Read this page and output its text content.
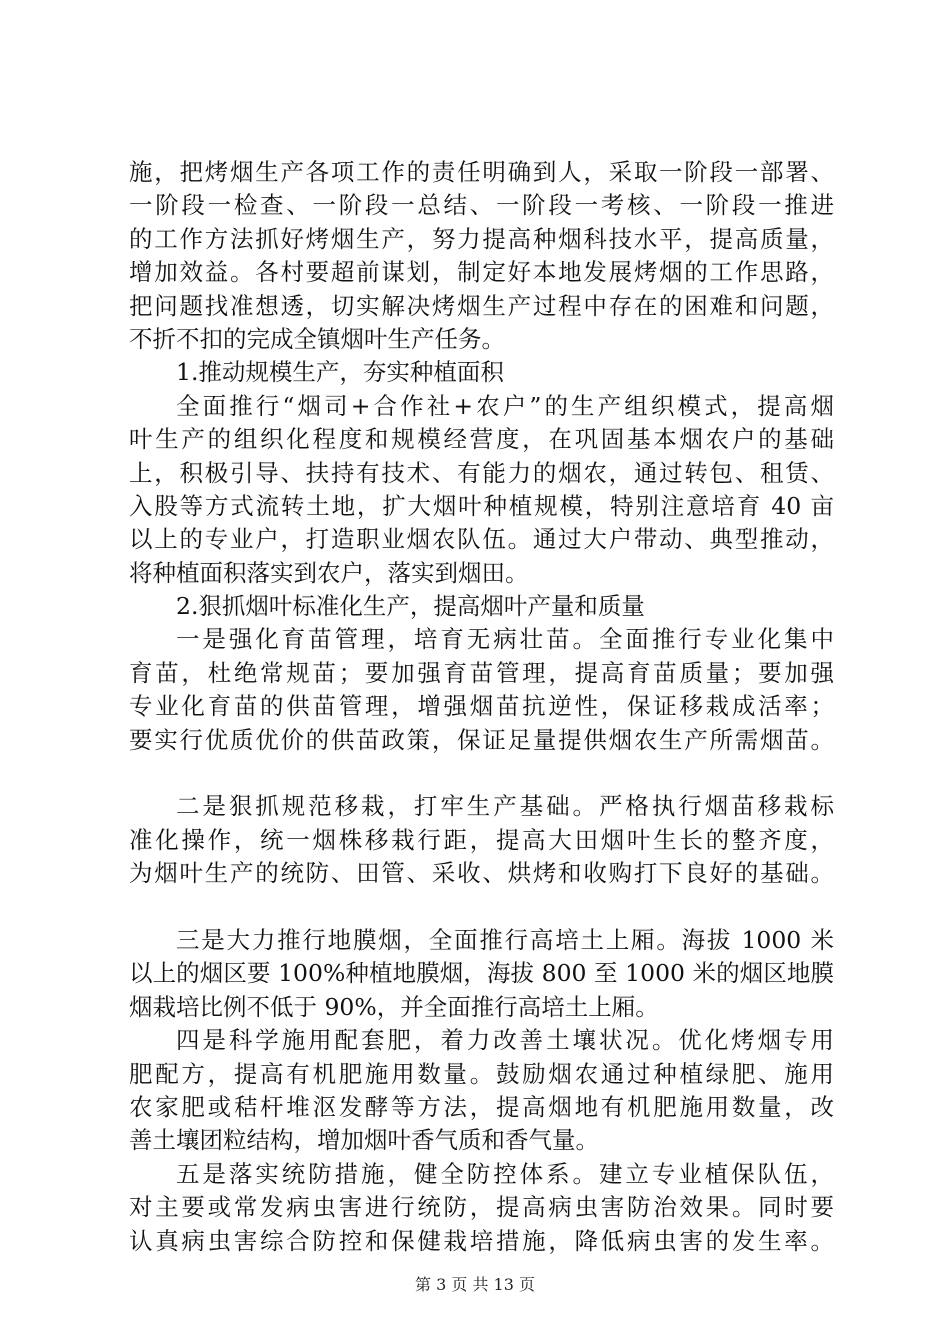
施，把烤烟生产各项工作的责任明确到人，采取一阶段一部署、
一阶段一检查、一阶段一总结、一阶段一考核、一阶段一推进
的工作方法抓好烤烟生产，努力提高种烟科技水平，提高质量，
增加效益。各村要超前谋划，制定好本地发展烤烟的工作思路，
把问题找准想透，切实解决烤烟生产过程中存在的困难和问题，
不折不扣的完成全镇烟叶生产任务。
1.推动规模生产，夯实种植面积
全面推行“烟司+合作社+农户”的生产组织模式，提高烟
叶生产的组织化程度和规模经营度，在巩固基本烟农户的基础
上，积极引导、扶持有技术、有能力的烟农，通过转包、租赁、
入股等方式流转土地，扩大烟叶种植规模，特别注意培育 40 亩
以上的专业户，打造职业烟农队伍。通过大户带动、典型推动，
将种植面积落实到农户，落实到烟田。
2.狠抓烟叶标准化生产，提高烟叶产量和质量
一是强化育苗管理，培育无病壮苗。全面推行专业化集中
育苗，杜绝常规苗；要加强育苗管理，提高育苗质量；要加强
专业化育苗的供苗管理，增强烟苗抗逆性，保证移栽成活率；
要实行优质优价的供苗政策，保证足量提供烟农生产所需烟苗。
二是狠抓规范移栽，打牢生产基础。严格执行烟苗移栽标
准化操作，统一烟株移栽行距，提高大田烟叶生长的整齐度，
为烟叶生产的统防、田管、采收、烘烤和收购打下良好的基础。
三是大力推行地膜烟，全面推行高培土上厢。海拔 1000 米
以上的烟区要 100%种植地膜烟，海拔 800 至 1000 米的烟区地膜
烟栽培比例不低于 90%，并全面推行高培土上厢。
四是科学施用配套肥，着力改善土壤状况。优化烤烟专用
肥配方，提高有机肥施用数量。鼓励烟农通过种植绿肥、施用
农家肥或秸杆堆沤发酵等方法，提高烟地有机肥施用数量，改
善土壤团粒结构，增加烟叶香气质和香气量。
五是落实统防措施，健全防控体系。建立专业植保队伍，
对主要或常发病虫害进行统防，提高病虫害防治效果。同时要
认真病虫害综合防控和保健栽培措施，降低病虫害的发生率。
第 3 页 共 13 页
